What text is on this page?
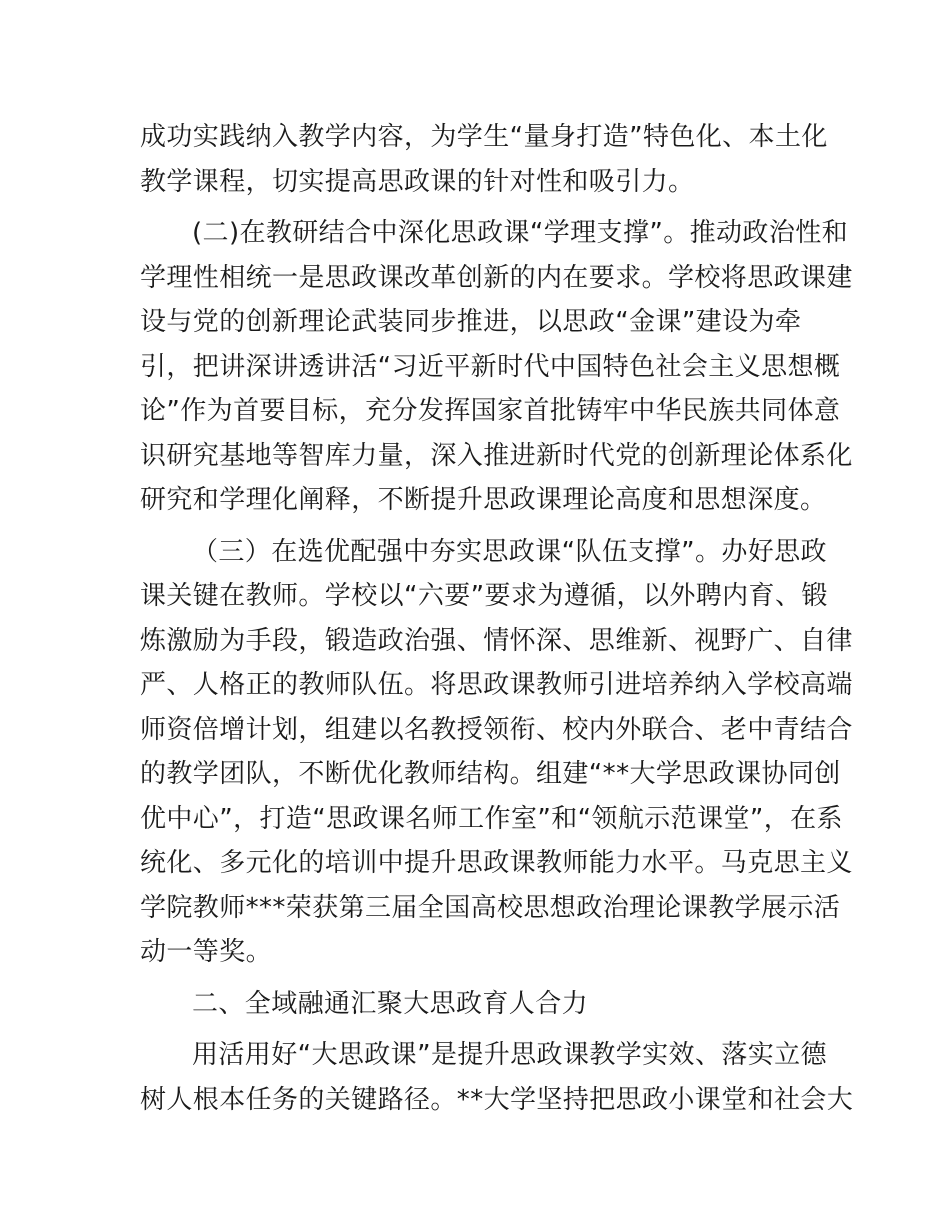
成功实践纳入教学内容，为学生“量身打造”特色化、本土化
教学课程，切实提高思政课的针对性和吸引力。
(二)在教研结合中深化思政课“学理支撑”。推动政治性和
学理性相统一是思政课改革创新的内在要求。学校将思政课建
设与党的创新理论武装同步推进，以思政“金课”建设为牵
引，把讲深讲透讲活“习近平新时代中国特色社会主义思想概
论”作为首要目标，充分发挥国家首批铸牢中华民族共同体意
识研究基地等智库力量，深入推进新时代党的创新理论体系化
研究和学理化阐释，不断提升思政课理论高度和思想深度。
（三）在选优配强中夯实思政课“队伍支撑”。办好思政
课关键在教师。学校以“六要”要求为遵循，以外聘内育、锻
炼激励为手段，锻造政治强、情怀深、思维新、视野广、自律
严、人格正的教师队伍。将思政课教师引进培养纳入学校高端
师资倍增计划，组建以名教授领衔、校内外联合、老中青结合
的教学团队，不断优化教师结构。组建“**大学思政课协同创
优中心”，打造“思政课名师工作室”和“领航示范课堂”，在系
统化、多元化的培训中提升思政课教师能力水平。马克思主义
学院教师***荣获第三届全国高校思想政治理论课教学展示活
动一等奖。
二、全域融通汇聚大思政育人合力
用活用好“大思政课”是提升思政课教学实效、落实立德
树人根本任务的关键路径。**大学坚持把思政小课堂和社会大
